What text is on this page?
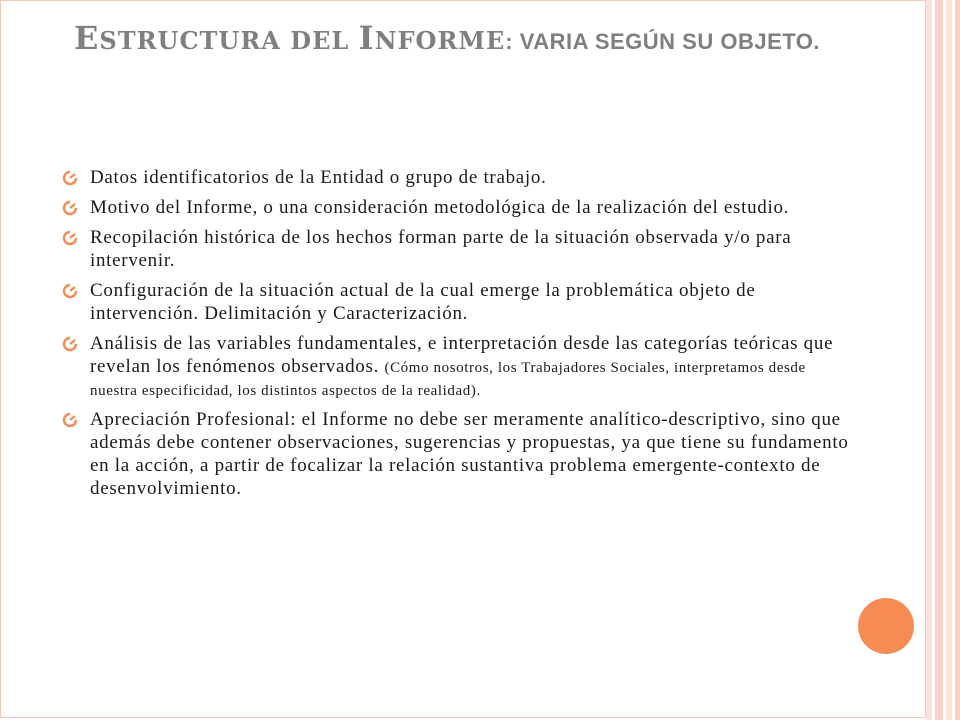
ESTRUCTURA DEL INFORME: VARIA SEGÚN SU OBJETO.
Datos identificatorios de la Entidad o grupo de trabajo.
Motivo del Informe, o una consideración metodológica de la realización del estudio.
Recopilación histórica de los hechos forman parte de la situación observada y/o para intervenir.
Configuración de la situación actual de la cual emerge la problemática objeto de intervención. Delimitación y Caracterización.
Análisis de las variables fundamentales, e interpretación desde las categorías teóricas que revelan los fenómenos observados. (Cómo nosotros, los Trabajadores Sociales, interpretamos desde nuestra especificidad, los distintos aspectos de la realidad).
Apreciación Profesional: el Informe no debe ser meramente analítico-descriptivo, sino que además debe contener observaciones, sugerencias y propuestas, ya que tiene su fundamento en la acción, a partir de focalizar la relación sustantiva problema emergente-contexto de desenvolvimiento.
